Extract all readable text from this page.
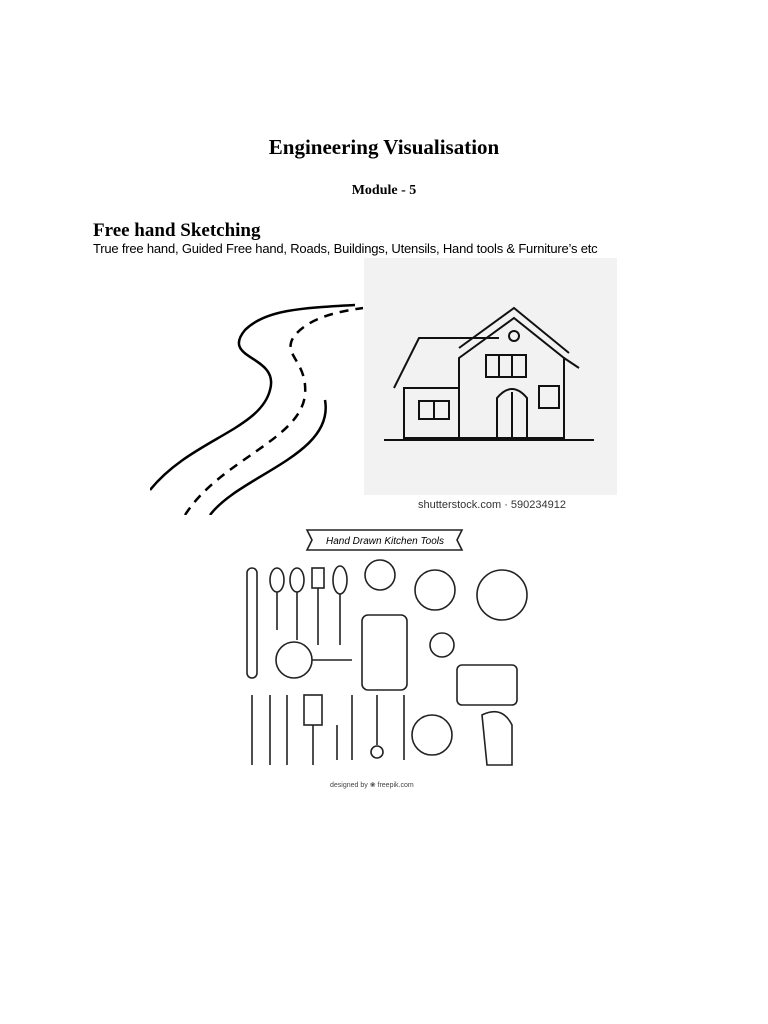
Engineering Visualisation
Module - 5
Free hand Sketching
True free hand, Guided Free hand, Roads, Buildings, Utensils, Hand tools & Furniture’s etc
shutterstock.com · 590234912
Hand Drawn Kitchen Tools
designed by ❀ freepik.com
